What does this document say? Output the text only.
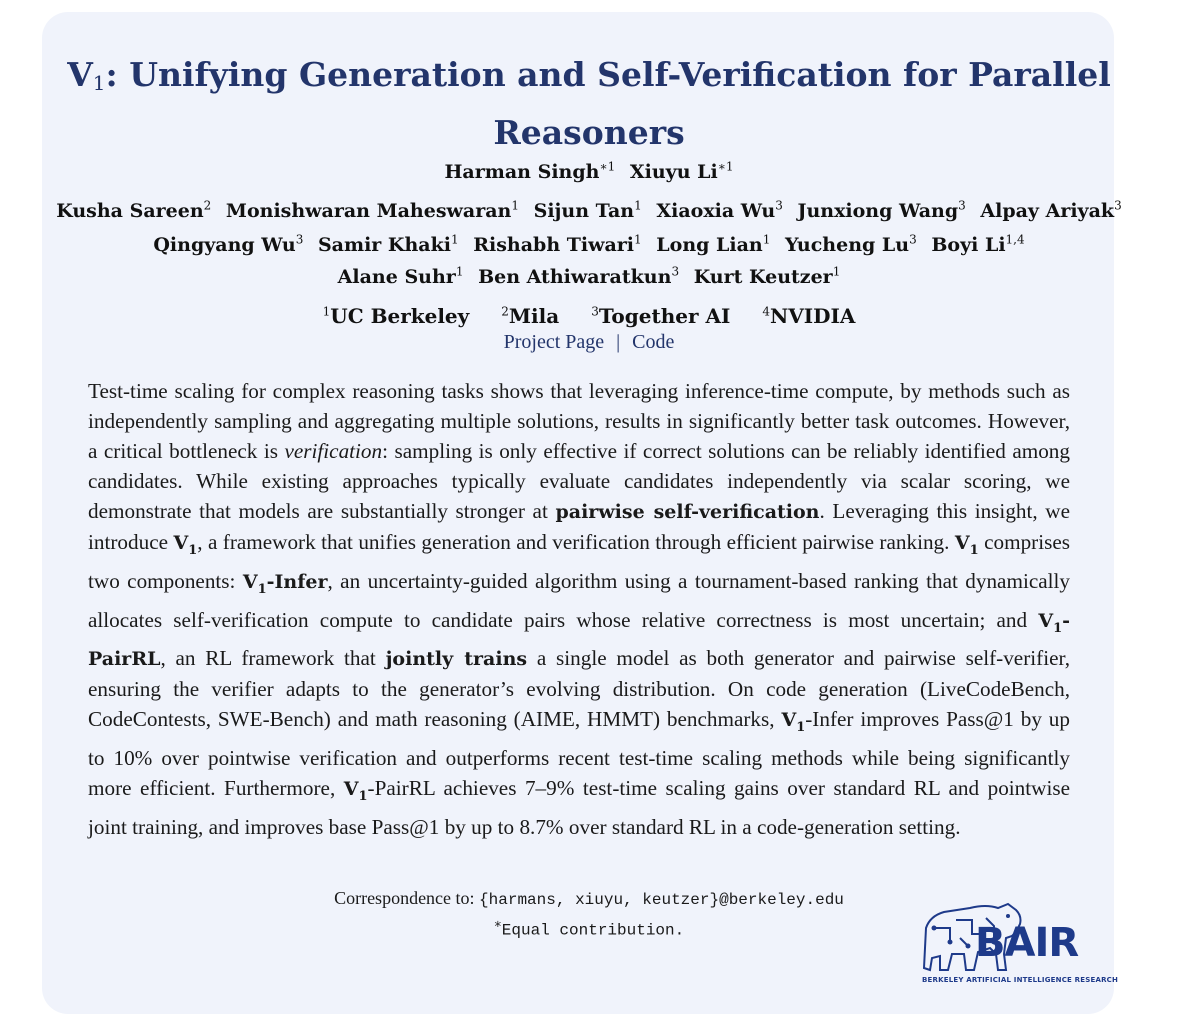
$V_1$: Unifying Generation and Self-Verification for Parallel Reasoners
Harman Singh$^{∗1}$ Xiuyu $Li^{∗1}$
Kusha Sareen$^2$ Monishwaran Maheswaran$^1$ Sijun Tan$^1$ Xiaoxia Wu$^3$ Junxiong Wang$^3$ Alpay Ariyak$^3$ Qingyang Wu$^3$ Samir Khaki$^1$ Rishabh Tiwari$^1$ Long Lian$^1$ Yucheng Lu$^3$ Boyi Li$^{1,4}$
Alane Suhr$^1$ Ben Athiwaratkun$^3$ Kurt Keutzer$^1$
$^1$UC Berkeley	$^2$Mila	$^3$Together AI	$^4$NVIDIA
Project Page | Code
Test-time scaling for complex reasoning tasks shows that leveraging inference-time compute, by methods such as independently sampling and aggregating multiple solutions, results in significantly better task outcomes. However, a critical bottleneck is verification: sampling is only effective if correct solutions can be reliably identified among candidates. While existing approaches typically evaluate candidates independently via scalar scoring, we demonstrate that models are substantially stronger at pairwise self-verification. Leveraging this insight, we introduce $V_1$, a framework that unifies generation and verification through efficient pairwise ranking. $V_1$ comprises two components: $V_1$-Infer, an uncertainty-guided algorithm using a tournament-based ranking that dynamically allocates self-verification compute to candidate pairs whose relative correctness is most uncertain; and $V_1$-PairRL, an RL framework that jointly trains a single model as both generator and pairwise self-verifier, ensuring the verifier adapts to the generator’s evolving distribution. On code generation (LiveCodeBench, CodeContests, SWE-Bench) and math reasoning (AIME, HMMT) benchmarks, $V_1$-Infer improves Pass@1 by up to 10% over pointwise verification and outperforms recent test-time scaling methods while being significantly more efficient. Furthermore, $V_1$-PairRL achieves 7–9% test-time scaling gains over standard RL and pointwise joint training, and improves base Pass@1 by up to 8.7% over standard RL in a code-generation setting.
Correspondence to: {harmans, xiuyu, keutzer}@berkeley.edu
∗Equal contribution.	BAIR
BERKELEY ARTIFICIAL INTELLIGENCE RESEARCH
